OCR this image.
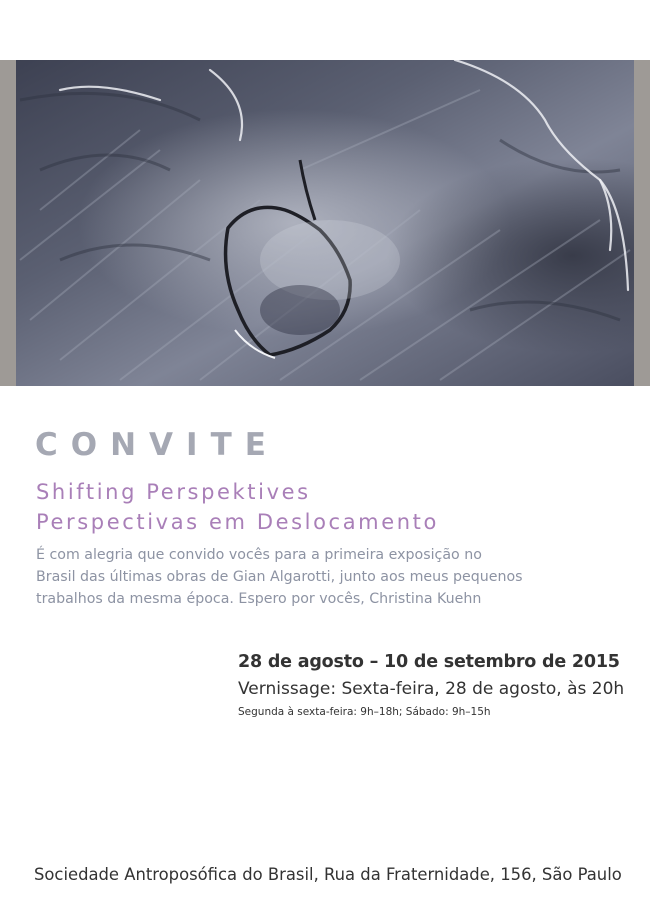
CONVITE
Shifting Perspektives
Perspectivas em Deslocamento

É com alegria que convido vocês para a primeira exposição no

Brasil das últimas obras de Gian Algarotti, junto aos meus pequenos

trabalhos da mesma época. Espero por vocês, Christina Kuehn

28 de agosto – 10 de setembro de 2015
Vernissage: Sexta-feira, 28 de agosto, às 20h
Segunda à sexta-feira: 9h–18h; Sábado: 9h–15h
Sociedade Antroposófica do Brasil, Rua da Fraternidade, 156, São Paulo
